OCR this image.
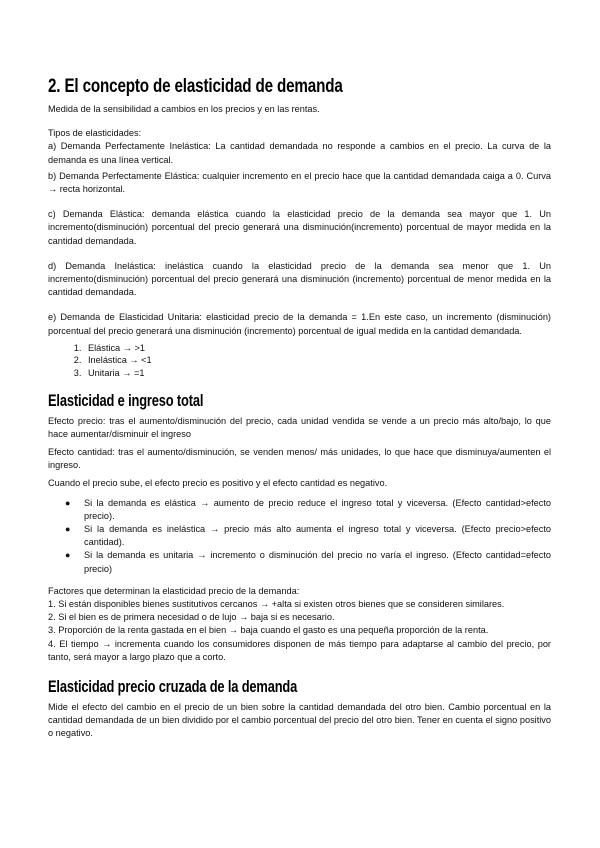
2. El concepto de elasticidad de demanda

Medida de la sensibilidad a cambios en los precios y en las rentas.

Tipos de elasticidades:

a) Demanda Perfectamente Inelástica: La cantidad demandada no responde a cambios en el precio. La curva de la demanda es una línea vertical.

b) Demanda Perfectamente Elástica: cualquier incremento en el precio hace que la cantidad demandada caiga a 0. Curva → recta horizontal.

c) Demanda Elástica: demanda elástica cuando la elasticidad precio de la demanda sea mayor que 1. Un incremento(disminución) porcentual del precio generará una disminución(incremento) porcentual de mayor medida en la cantidad demandada.

d) Demanda Inelástica: inelástica cuando la elasticidad precio de la demanda sea menor que 1. Un incremento(disminución) porcentual del precio generará una disminución (incremento) porcentual de menor medida en la cantidad demandada.

e) Demanda de Elasticidad Unitaria: elasticidad precio de la demanda = 1.En este caso, un incremento (disminución) porcentual del precio generará una disminución (incremento) porcentual de igual medida en la cantidad demandada.

1. Elástica → >1
2. Inelástica → <1
3. Unitaria → =1
Elasticidad e ingreso total

Efecto precio: tras el aumento/disminución del precio, cada unidad vendida se vende a un precio más alto/bajo, lo que hace aumentar/disminuir el ingreso

Efecto cantidad: tras el aumento/disminución, se venden menos/ más unidades, lo que hace que disminuya/aumenten el ingreso.

Cuando el precio sube, el efecto precio es positivo y el efecto cantidad es negativo.

● Si la demanda es elástica → aumento de precio reduce el ingreso total y viceversa. (Efecto cantidad>efecto precio).
● Si la demanda es inelástica → precio más alto aumenta el ingreso total y viceversa. (Efecto precio>efecto cantidad).
● Si la demanda es unitaria → incremento o disminución del precio no varía el ingreso. (Efecto cantidad=efecto precio)

Factores que determinan la elasticidad precio de la demanda:

1. Si están disponibles bienes sustitutivos cercanos → +alta si existen otros bienes que se consideren similares.

2. Si el bien es de primera necesidad o de lujo → baja si es necesario.

3. Proporción de la renta gastada en el bien → baja cuando el gasto es una pequeña proporción de la renta.

4. El tiempo → incrementa cuando los consumidores disponen de más tiempo para adaptarse al cambio del precio, por tanto, será mayor a largo plazo que a corto.

Elasticidad precio cruzada de la demanda

Mide el efecto del cambio en el precio de un bien sobre la cantidad demandada del otro bien. Cambio porcentual en la cantidad demandada de un bien dividido por el cambio porcentual del precio del otro bien. Tener en cuenta el signo positivo o negativo.
